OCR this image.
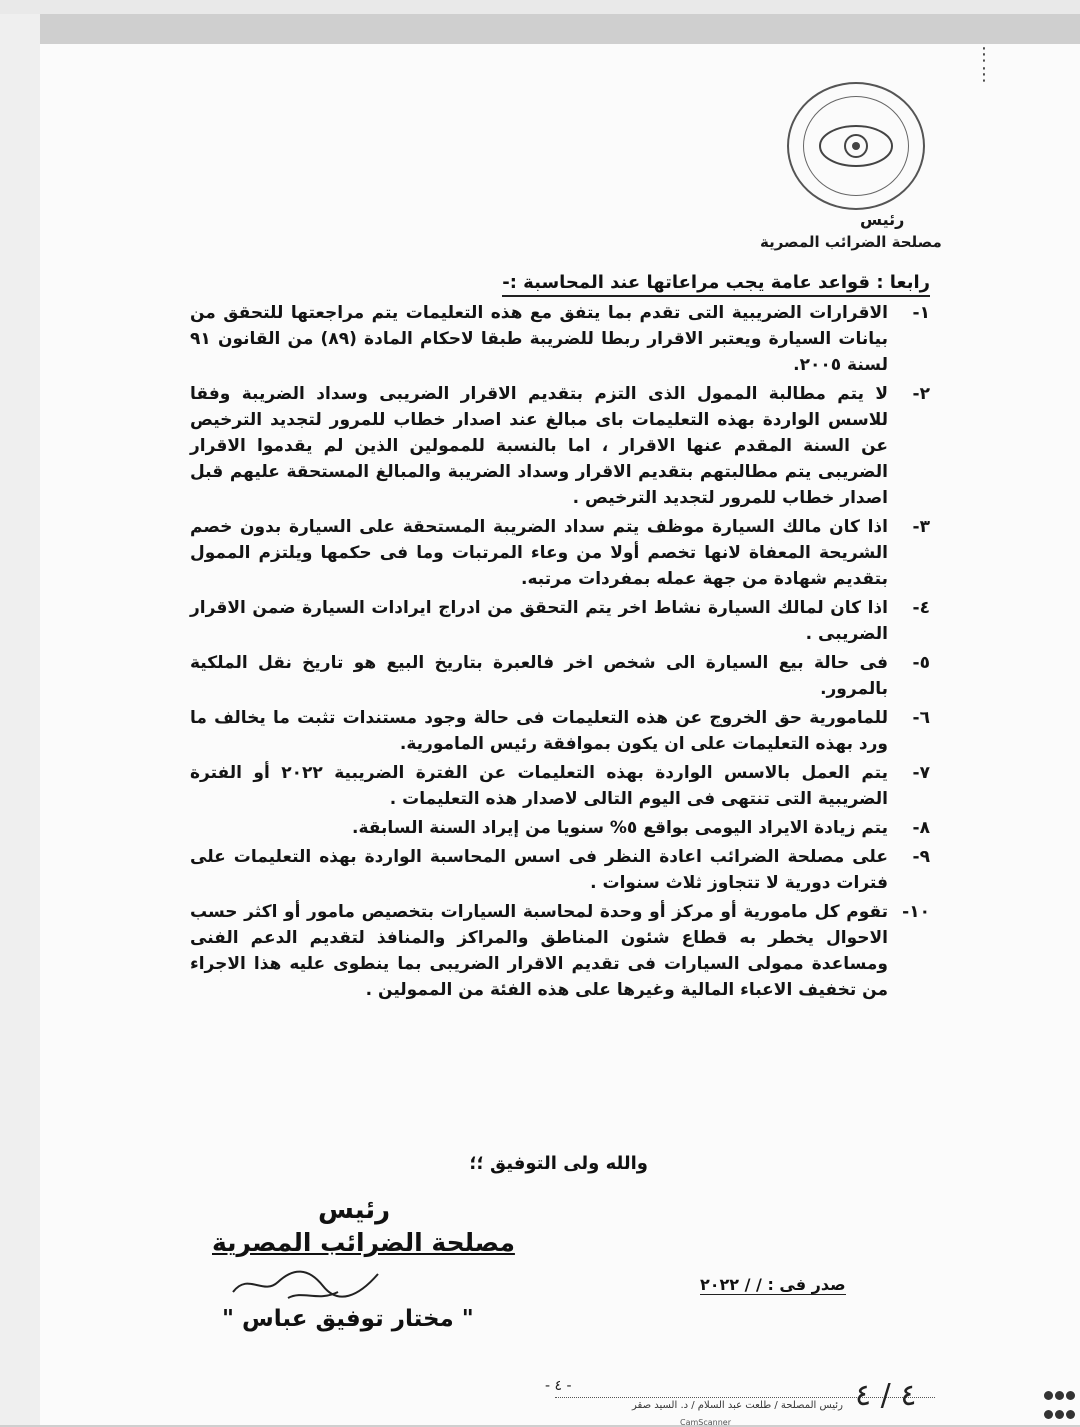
⋮

⋮
رئيس
مصلحة الضرائب المصرية
رابعا : قواعد عامة يجب مراعاتها عند المحاسبة :-
١-
الاقرارات الضريبية التى تقدم بما يتفق مع هذه التعليمات يتم مراجعتها للتحقق من بيانات السيارة ويعتبر الاقرار ربطا للضريبة طبقا لاحكام المادة (٨٩) من القانون ٩١ لسنة ٢٠٠٥.
٢-
لا يتم مطالبة الممول الذى التزم بتقديم الاقرار الضريبى وسداد الضريبة وفقا للاسس الواردة بهذه التعليمات باى مبالغ عند اصدار خطاب للمرور لتجديد الترخيص عن السنة المقدم عنها الاقرار ، اما بالنسبة للممولين الذين لم يقدموا الاقرار الضريبى يتم مطالبتهم بتقديم الاقرار وسداد الضريبة والمبالغ المستحقة عليهم قبل اصدار خطاب للمرور لتجديد الترخيص .
٣-
اذا كان مالك السيارة موظف يتم سداد الضريبة المستحقة على السيارة بدون خصم الشريحة المعفاة لانها تخصم أولا من وعاء المرتبات وما فى حكمها ويلتزم الممول بتقديم شهادة من جهة عمله بمفردات مرتبه.
٤-
اذا كان لمالك السيارة نشاط اخر يتم التحقق من ادراج ايرادات السيارة ضمن الاقرار الضريبى .
٥-
فى حالة بيع السيارة الى شخص اخر فالعبرة بتاريخ البيع هو تاريخ نقل الملكية بالمرور.
٦-
للمامورية حق الخروج عن هذه التعليمات فى حالة وجود مستندات تثبت ما يخالف ما ورد بهذه التعليمات على ان يكون بموافقة رئيس المامورية.
٧-
يتم العمل بالاسس الواردة بهذه التعليمات عن الفترة الضريبية ٢٠٢٢ أو الفترة الضريبية التى تنتهى فى اليوم التالى لاصدار هذه التعليمات .
٨-
يتم زيادة الايراد اليومى بواقع ٥% سنويا من إيراد السنة السابقة.
٩-
على مصلحة الضرائب اعادة النظر فى اسس المحاسبة الواردة بهذه التعليمات على فترات دورية لا تتجاوز ثلاث سنوات .
١٠-
تقوم كل مامورية أو مركز أو وحدة لمحاسبة السيارات بتخصيص مامور أو اكثر حسب الاحوال يخطر به قطاع شئون المناطق والمراكز والمنافذ لتقديم الدعم الفنى ومساعدة ممولى السيارات فى تقديم الاقرار الضريبى بما ينطوى عليه هذا الاجراء من تخفيف الاعباء المالية وغيرها على هذه الفئة من الممولين .
والله ولى التوفيق ؛؛
رئيس
مصلحة الضرائب المصرية
" مختار توفيق عباس "
صدر فى : / / ٢٠٢٢
- ٤ -
رئيس المصلحة / طلعت عبد السلام / د. السيد صقر ٤ / ٤

CamScanner
